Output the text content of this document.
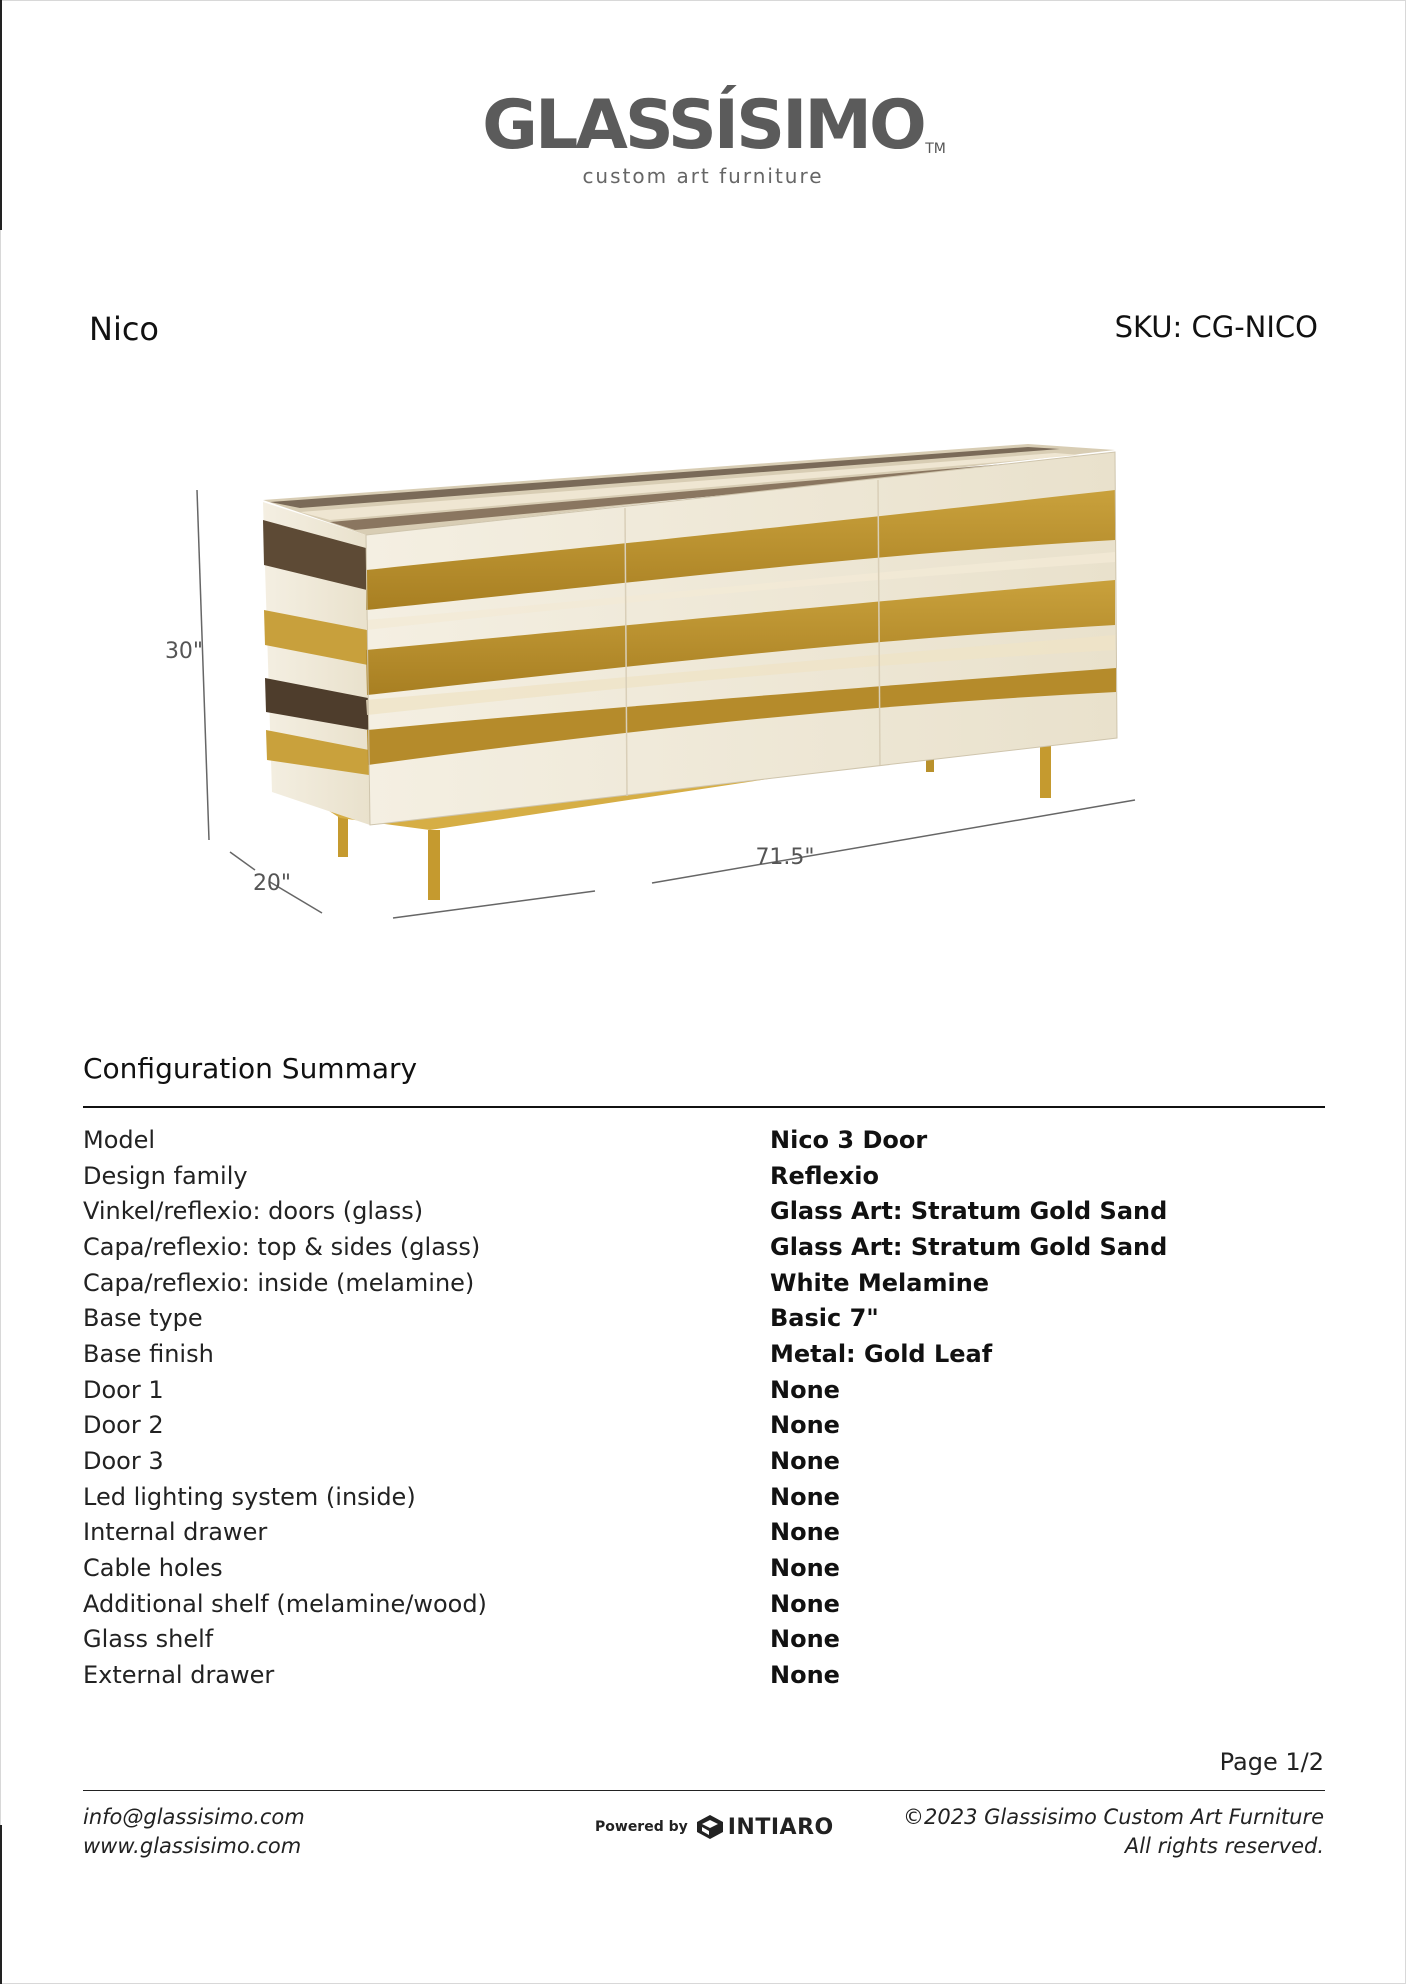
GLASSÍSIMO TM
custom art furniture
Nico	SKU: CG-NICO
30"
20"
71.5"
Configuration Summary
Model	Nico 3 Door
Design family	Reflexio
Vinkel/reflexio: doors (glass)	Glass Art: Stratum Gold Sand
Capa/reflexio: top & sides (glass)	Glass Art: Stratum Gold Sand
Capa/reflexio: inside (melamine)	White Melamine
Base type	Basic 7"
Base finish	Metal: Gold Leaf
Door 1	None
Door 2	None
Door 3	None
Led lighting system (inside)	None
Internal drawer	None
Cable holes	None
Additional shelf (melamine/wood)	None
Glass shelf	None
External drawer	None
Page 1/2
info@glassisimo.com
www.glassisimo.com
Powered by INTIARO	©2023 Glassisimo Custom Art Furniture
All rights reserved.
